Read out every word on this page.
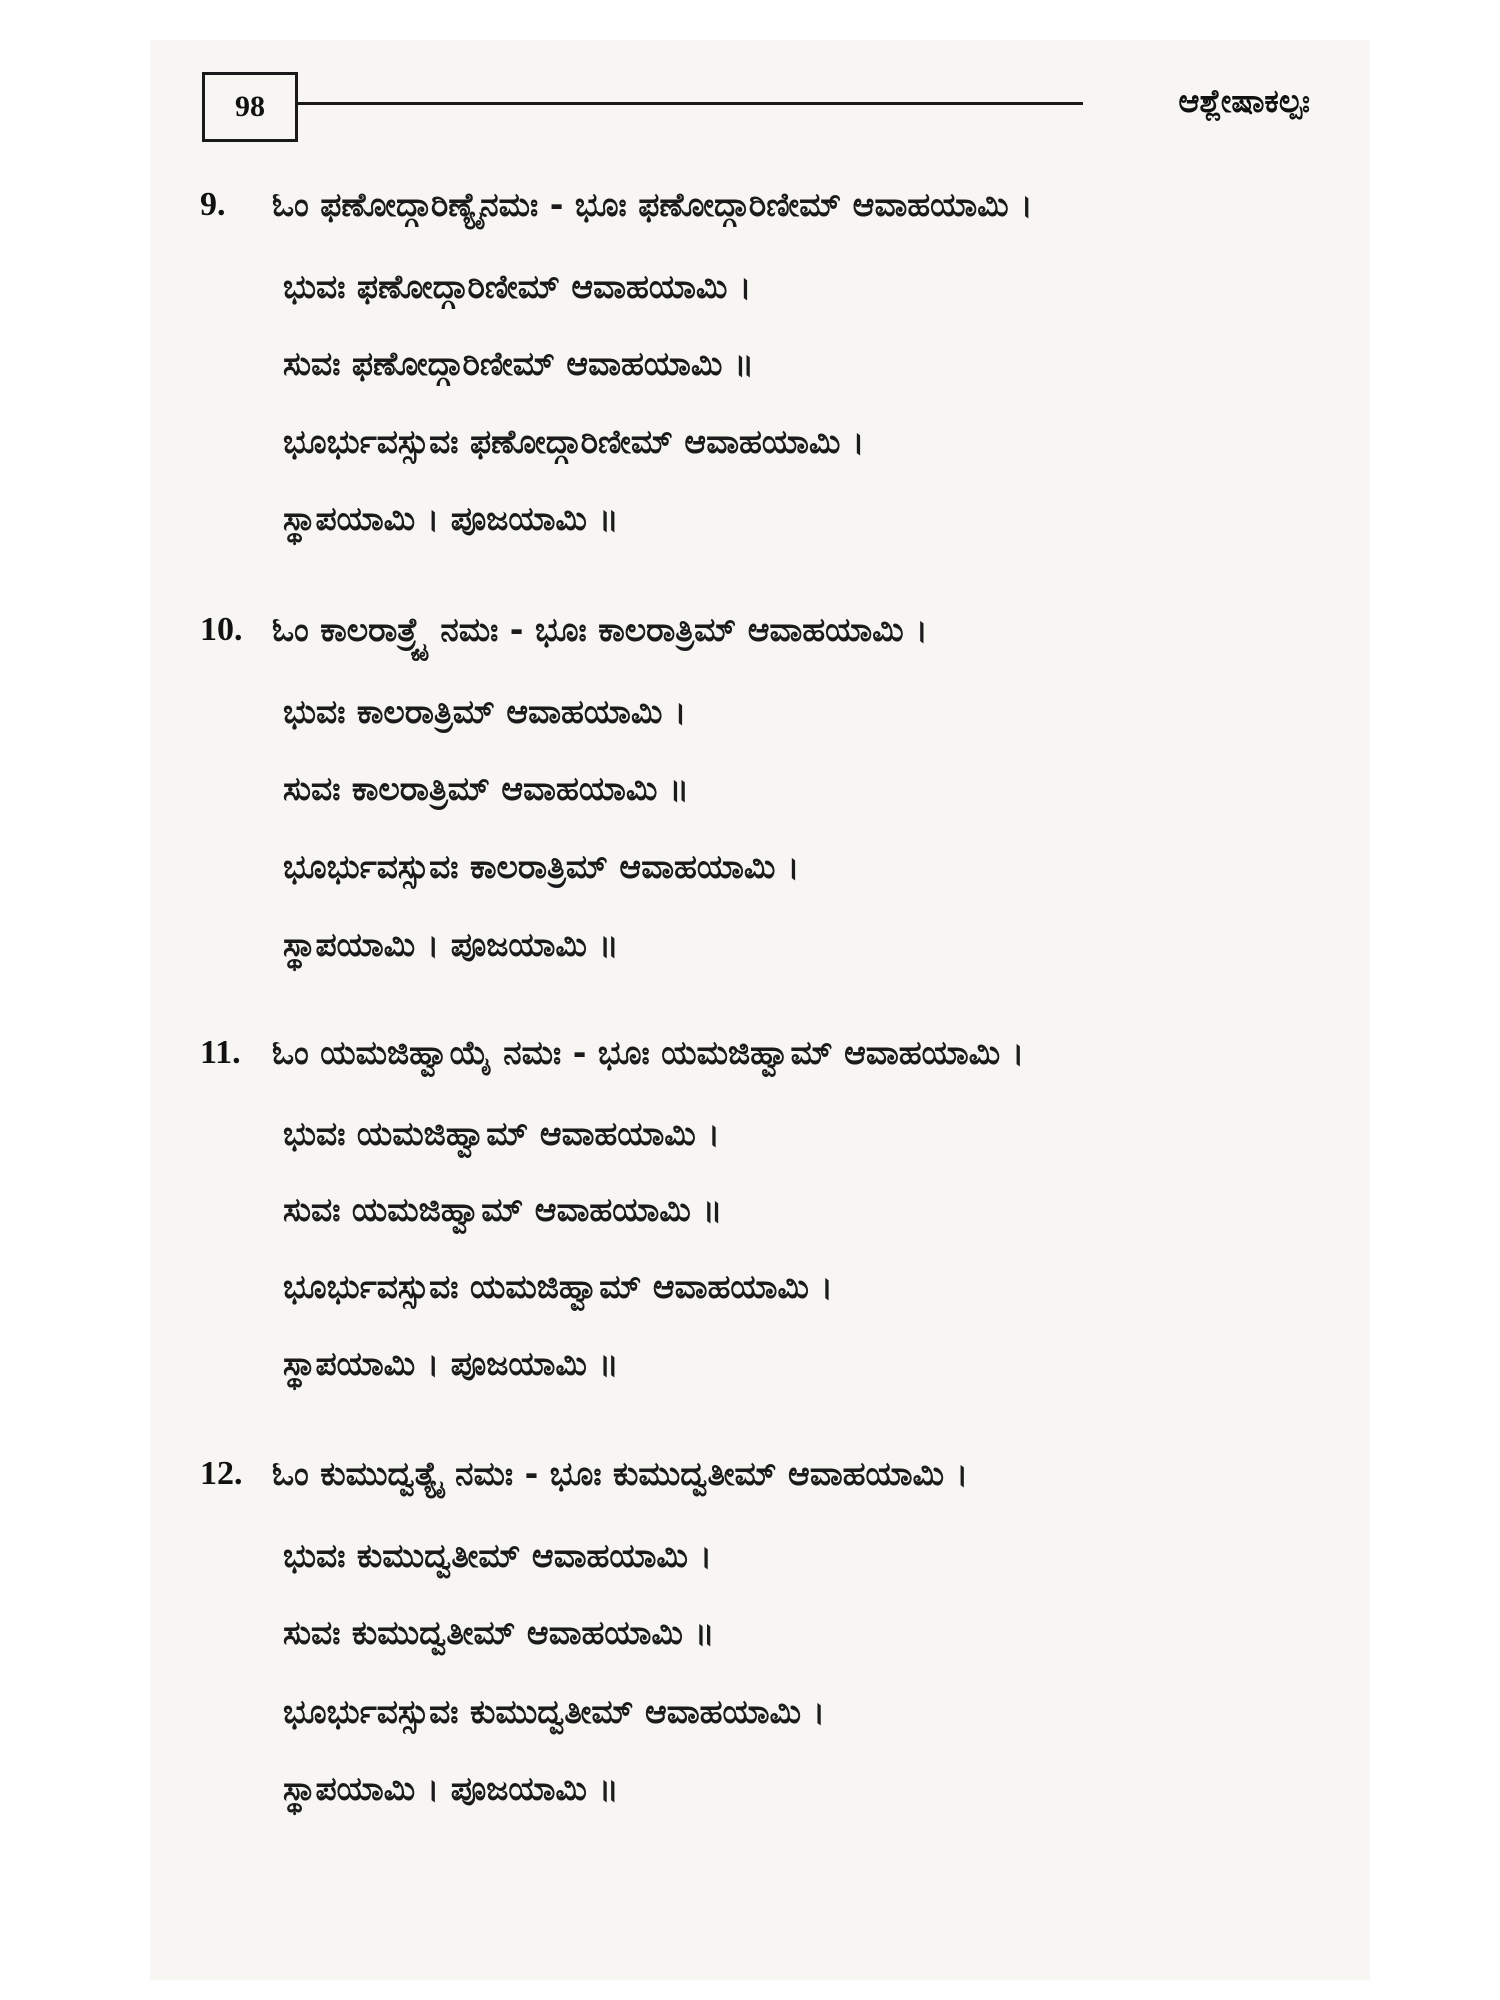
98	ಆಶ್ಲೇಷಾಕಲ್ಪಃ
9. ಓಂ ಫಣೋದ್ಗಾರಿಣ್ಯೈನಮಃ - ಭೂಃ ಫಣೋದ್ಗಾರಿಣೀಮ್ ಆವಾಹಯಾಮಿ ।
ಭುವಃ ಫಣೋದ್ಗಾರಿಣೀಮ್ ಆವಾಹಯಾಮಿ ।
ಸುವಃ ಫಣೋದ್ಗಾರಿಣೀಮ್ ಆವಾಹಯಾಮಿ ॥
ಭೂರ್ಭುವಸ್ಸುವಃ ಫಣೋದ್ಗಾರಿಣೀಮ್ ಆವಾಹಯಾಮಿ ।
ಸ್ಥಾಪಯಾಮಿ । ಪೂಜಯಾಮಿ ॥
10. ಓಂ ಕಾಲರಾತ್ರ್ಯೈ ನಮಃ - ಭೂಃ ಕಾಲರಾತ್ರಿಮ್ ಆವಾಹಯಾಮಿ ।
ಭುವಃ ಕಾಲರಾತ್ರಿಮ್ ಆವಾಹಯಾಮಿ ।
ಸುವಃ ಕಾಲರಾತ್ರಿಮ್ ಆವಾಹಯಾಮಿ ॥
ಭೂರ್ಭುವಸ್ಸುವಃ ಕಾಲರಾತ್ರಿಮ್ ಆವಾಹಯಾಮಿ ।
ಸ್ಥಾಪಯಾಮಿ । ಪೂಜಯಾಮಿ ॥
11. ಓಂ ಯಮಜಿಹ್ವಾಯೈ ನಮಃ - ಭೂಃ ಯಮಜಿಹ್ವಾಮ್ ಆವಾಹಯಾಮಿ ।
ಭುವಃ ಯಮಜಿಹ್ವಾಮ್ ಆವಾಹಯಾಮಿ ।
ಸುವಃ ಯಮಜಿಹ್ವಾಮ್ ಆವಾಹಯಾಮಿ ॥
ಭೂರ್ಭುವಸ್ಸುವಃ ಯಮಜಿಹ್ವಾಮ್ ಆವಾಹಯಾಮಿ ।
ಸ್ಥಾಪಯಾಮಿ । ಪೂಜಯಾಮಿ ॥
12. ಓಂ ಕುಮುದ್ವತ್ಯೈ ನಮಃ - ಭೂಃ ಕುಮುದ್ವತೀಮ್ ಆವಾಹಯಾಮಿ ।
ಭುವಃ ಕುಮುದ್ವತೀಮ್ ಆವಾಹಯಾಮಿ ।
ಸುವಃ ಕುಮುದ್ವತೀಮ್ ಆವಾಹಯಾಮಿ ॥
ಭೂರ್ಭುವಸ್ಸುವಃ ಕುಮುದ್ವತೀಮ್ ಆವಾಹಯಾಮಿ ।
ಸ್ಥಾಪಯಾಮಿ । ಪೂಜಯಾಮಿ ॥
